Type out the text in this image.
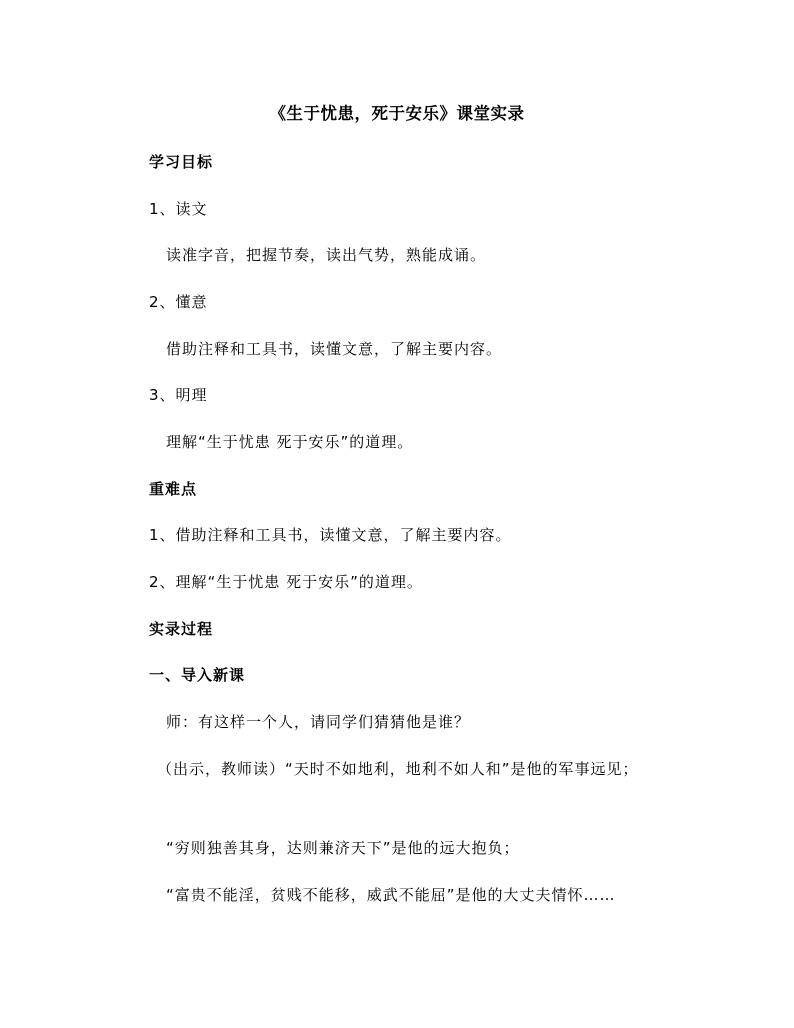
《生于忧患，死于安乐》课堂实录
学习目标
1、读文
读准字音，把握节奏，读出气势，熟能成诵。
2、懂意
借助注释和工具书，读懂文意，了解主要内容。
3、明理
理解“生于忧患 死于安乐”的道理。
重难点
1、借助注释和工具书，读懂文意，了解主要内容。
2、理解“生于忧患 死于安乐”的道理。
实录过程
一、导入新课
师：有这样一个人，请同学们猜猜他是谁？
（出示，教师读）“天时不如地利，地利不如人和”是他的军事远见；
“穷则独善其身，达则兼济天下”是他的远大抱负；
“富贵不能淫，贫贱不能移，威武不能屈”是他的大丈夫情怀……
